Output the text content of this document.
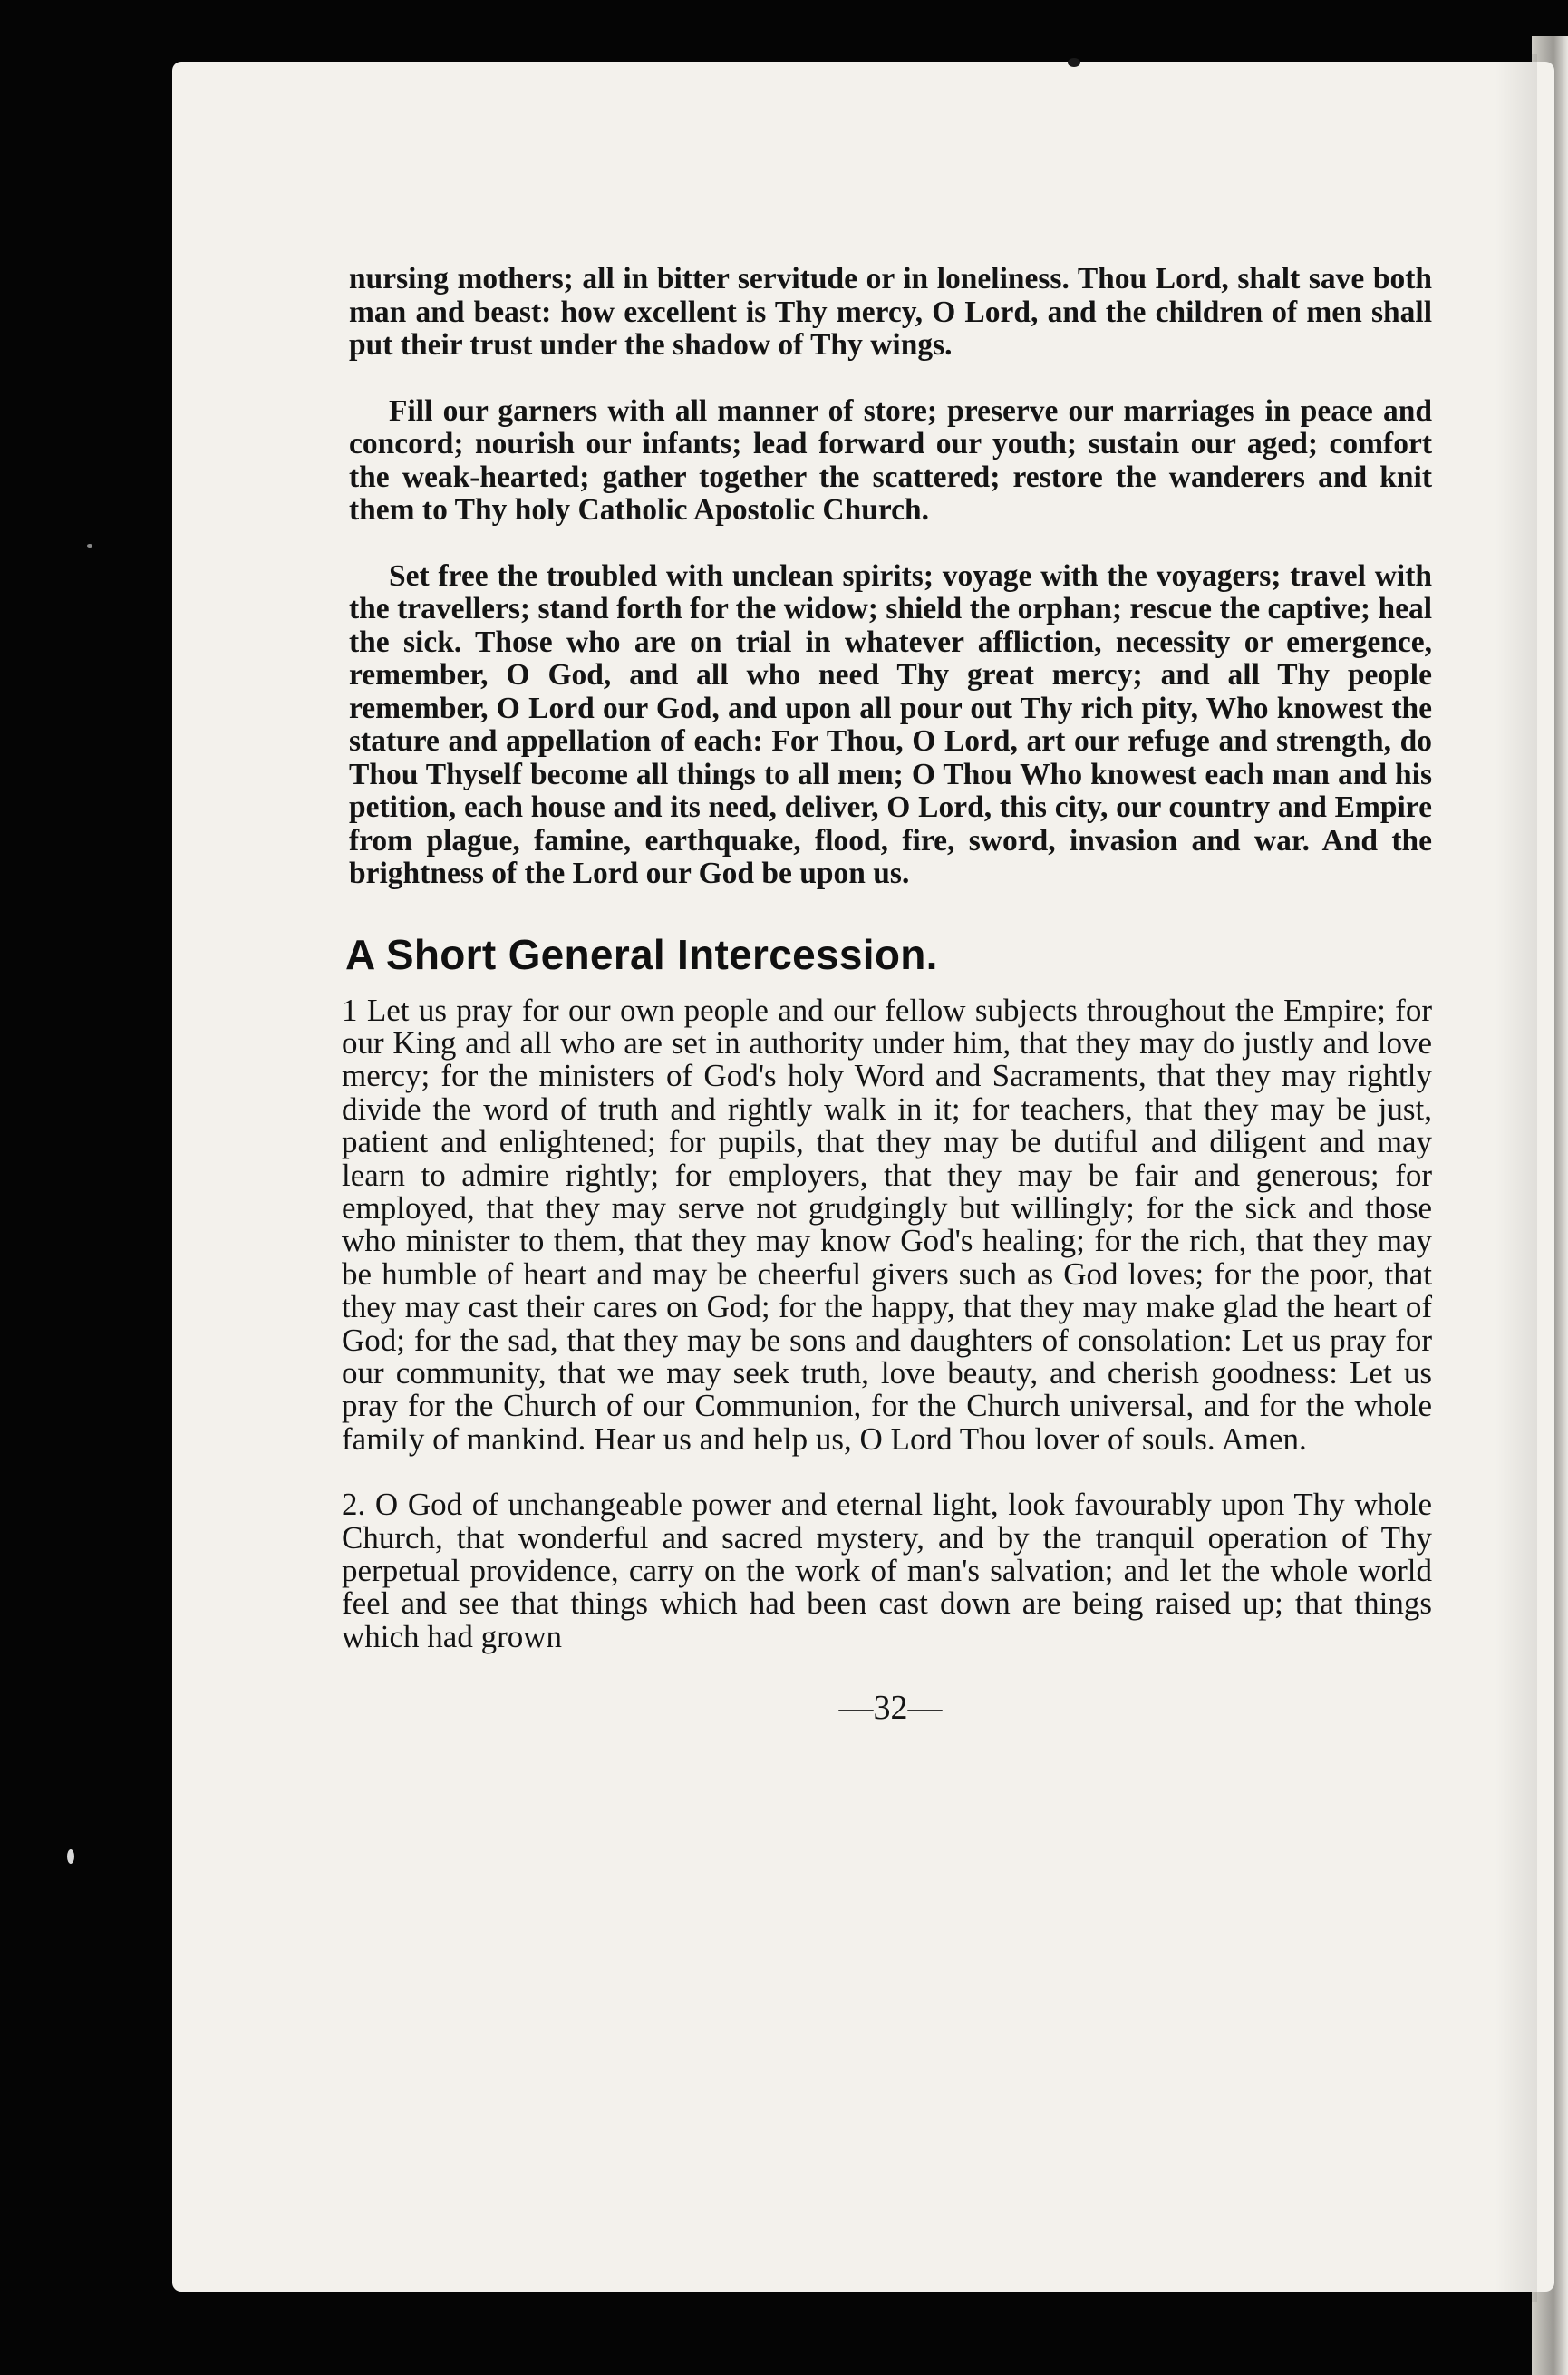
nursing mothers; all in bitter servitude or in loneliness. Thou Lord, shalt save both man and beast: how excellent is Thy mercy, O Lord, and the children of men shall put their trust under the shadow of Thy wings.

Fill our garners with all manner of store; preserve our marriages in peace and concord; nourish our infants; lead forward our youth; sustain our aged; comfort the weak-hearted; gather together the scattered; restore the wanderers and knit them to Thy holy Catholic Apostolic Church.

Set free the troubled with unclean spirits; voyage with the voyagers; travel with the travellers; stand forth for the widow; shield the orphan; rescue the captive; heal the sick. Those who are on trial in whatever affliction, necessity or emergence, remember, O God, and all who need Thy great mercy; and all Thy people remember, O Lord our God, and upon all pour out Thy rich pity, Who knowest the stature and appellation of each: For Thou, O Lord, art our refuge and strength, do Thou Thyself become all things to all men; O Thou Who knowest each man and his petition, each house and its need, deliver, O Lord, this city, our country and Empire from plague, famine, earthquake, flood, fire, sword, invasion and war. And the brightness of the Lord our God be upon us.

A Short General Intercession.

1 Let us pray for our own people and our fellow subjects throughout the Empire; for our King and all who are set in authority under him, that they may do justly and love mercy; for the ministers of God's holy Word and Sacraments, that they may rightly divide the word of truth and rightly walk in it; for teachers, that they may be just, patient and enlightened; for pupils, that they may be dutiful and diligent and may learn to admire rightly; for employers, that they may be fair and generous; for employed, that they may serve not grudgingly but willingly; for the sick and those who minister to them, that they may know God's healing; for the rich, that they may be humble of heart and may be cheerful givers such as God loves; for the poor, that they may cast their cares on God; for the happy, that they may make glad the heart of God; for the sad, that they may be sons and daughters of consolation: Let us pray for our community, that we may seek truth, love beauty, and cherish goodness: Let us pray for the Church of our Communion, for the Church universal, and for the whole family of mankind. Hear us and help us, O Lord Thou lover of souls. Amen.

2. O God of unchangeable power and eternal light, look favourably upon Thy whole Church, that wonderful and sacred mystery, and by the tranquil operation of Thy perpetual providence, carry on the work of man's salvation; and let the whole world feel and see that things which had been cast down are being raised up; that things which had grown

—32—
